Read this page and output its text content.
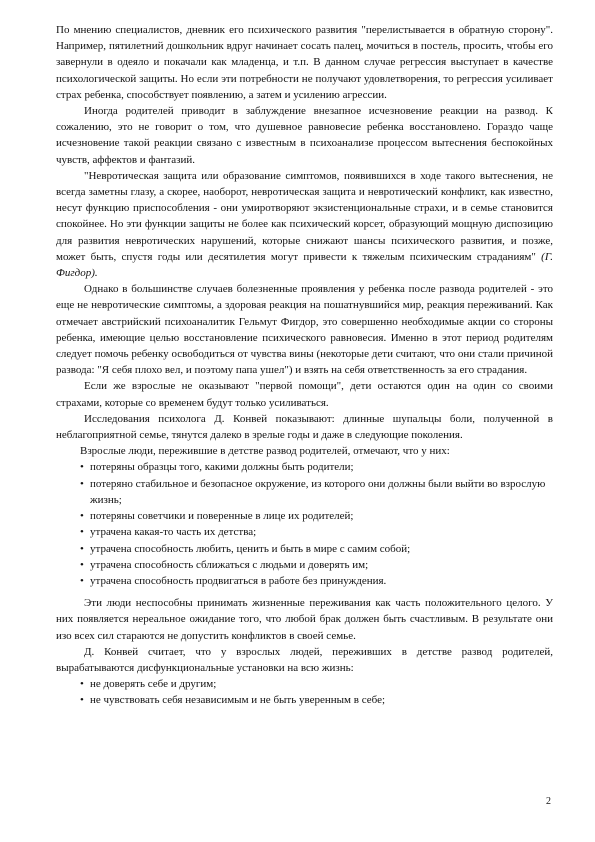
По мнению специалистов, дневник его психического развития "перелистывается в обратную сторону". Например, пятилетний дошкольник вдруг начинает сосать палец, мочиться в постель, просить, чтобы его завернули в одеяло и покачали как младенца, и т.п. В данном случае регрессия выступает в качестве психологической защиты. Но если эти потребности не получают удовлетворения, то регрессия усиливает страх ребенка, способствует появлению, а затем и усилению агрессии.

Иногда родителей приводит в заблуждение внезапное исчезновение реакции на развод. К сожалению, это не говорит о том, что душевное равновесие ребенка восстановлено. Гораздо чаще исчезновение такой реакции связано с известным в психоанализе процессом вытеснения беспокойных чувств, аффектов и фантазий.

"Невротическая защита или образование симптомов, появившихся в ходе такого вытеснения, не всегда заметны глазу, а скорее, наоборот, невротическая защита и невротический конфликт, как известно, несут функцию приспособления - они умиротворяют экзистенциональные страхи, и в семье становится спокойнее. Но эти функции защиты не более как психический корсет, образующий мощную диспозицию для развития невротических нарушений, которые снижают шансы психического развития, и позже, может быть, спустя годы или десятилетия могут привести к тяжелым психическим страданиям" (Г. Фигдор).

Однако в большинстве случаев болезненные проявления у ребенка после развода родителей - это еще не невротические симптомы, а здоровая реакция на пошатнувшийся мир, реакция переживаний. Как отмечает австрийский психоаналитик Гельмут Фигдор, это совершенно необходимые акции со стороны ребенка, имеющие целью восстановление психического равновесия. Именно в этот период родителям следует помочь ребенку освободиться от чувства вины (некоторые дети считают, что они стали причиной развода: "Я себя плохо вел, и поэтому папа ушел") и взять на себя ответственность за его страдания.

Если же взрослые не оказывают "первой помощи", дети остаются один на один со своими страхами, которые со временем будут только усиливаться.

Исследования психолога Д. Конвей показывают: длинные шупальцы боли, полученной в неблагоприятной семье, тянутся далеко в зрелые годы и даже в следующие поколения.

Взрослые люди, пережившие в детстве развод родителей, отмечают, что у них:

• потеряны образцы того, какими должны быть родители;
• потеряно стабильное и безопасное окружение, из которого они должны были выйти во взрослую жизнь;
• потеряны советчики и поверенные в лице их родителей;
• утрачена какая-то часть их детства;
• утрачена способность любить, ценить и быть в мире с самим собой;
• утрачена способность сближаться с людьми и доверять им;
• утрачена способность продвигаться в работе без принуждения.

Эти люди неспособны принимать жизненные переживания как часть положительного целого. У них появляется нереальное ожидание того, что любой брак должен быть счастливым. В результате они изо всех сил стараются не допустить конфликтов в своей семье.

Д. Конвей считает, что у взрослых людей, переживших в детстве развод родителей, вырабатываются дисфункциональные установки на всю жизнь:

• не доверять себе и другим;
• не чувствовать себя независимым и не быть уверенным в себе;
2
